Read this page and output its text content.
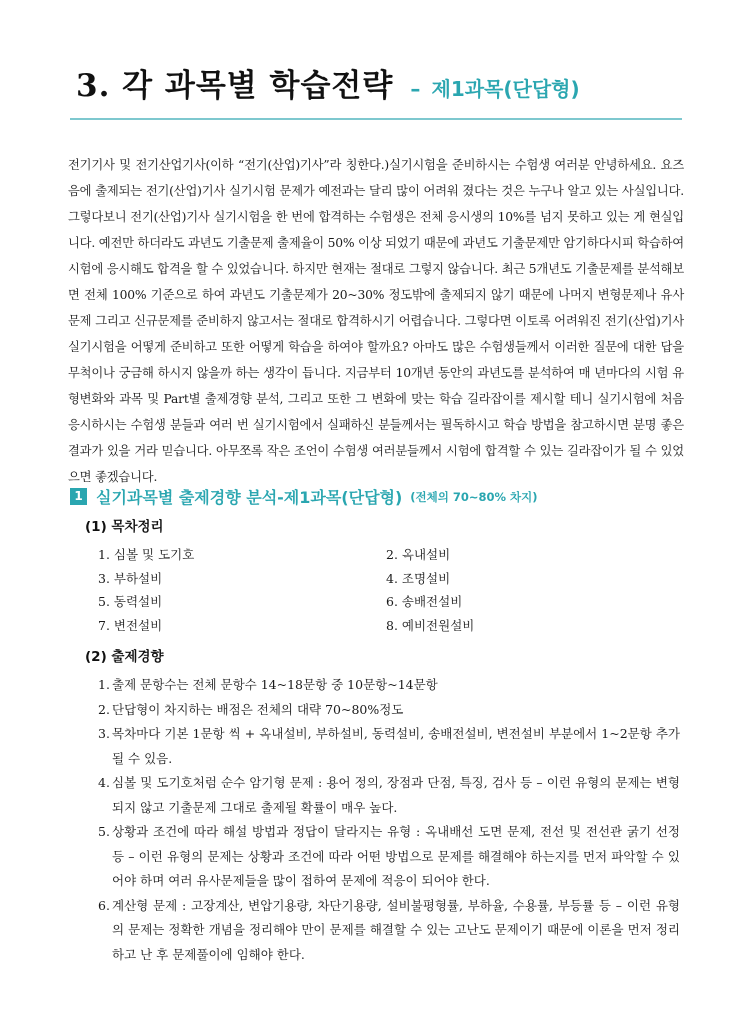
3. 각 과목별 학습전략 – 제1과목(단답형)

전기기사 및 전기산업기사(이하 “전기(산업)기사”라 칭한다.)실기시험을 준비하시는 수험생 여러분 안녕하세요. 요즈음에 출제되는 전기(산업)기사 실기시험 문제가 예전과는 달리 많이 어려워 졌다는 것은 누구나 알고 있는 사실입니다. 그렇다보니 전기(산업)기사 실기시험을 한 번에 합격하는 수험생은 전체 응시생의 10%를 넘지 못하고 있는 게 현실입니다. 예전만 하더라도 과년도 기출문제 출제율이 50% 이상 되었기 때문에 과년도 기출문제만 암기하다시피 학습하여 시험에 응시해도 합격을 할 수 있었습니다. 하지만 현재는 절대로 그렇지 않습니다. 최근 5개년도 기출문제를 분석해보면 전체 100% 기준으로 하여 과년도 기출문제가 20~30% 정도밖에 출제되지 않기 때문에 나머지 변형문제나 유사문제 그리고 신규문제를 준비하지 않고서는 절대로 합격하시기 어렵습니다. 그렇다면 이토록 어려워진 전기(산업)기사 실기시험을 어떻게 준비하고 또한 어떻게 학습을 하여야 할까요? 아마도 많은 수험생들께서 이러한 질문에 대한 답을 무척이나 궁금해 하시지 않을까 하는 생각이 듭니다. 지금부터 10개년 동안의 과년도를 분석하여 매 년마다의 시험 유형변화와 과목 및 Part별 출제경향 분석, 그리고 또한 그 변화에 맞는 학습 길라잡이를 제시할 테니 실기시험에 처음 응시하시는 수험생 분들과 여러 번 실기시험에서 실패하신 분들께서는 필독하시고 학습 방법을 참고하시면 분명 좋은 결과가 있을 거라 믿습니다. 아무쪼록 작은 조언이 수험생 여러분들께서 시험에 합격할 수 있는 길라잡이가 될 수 있었으면 좋겠습니다.

1 실기과목별 출제경향 분석-제1과목(단답형) (전체의 70~80% 차지)
(1) 목차정리
1. 심볼 및 도기호	2. 옥내설비
3. 부하설비	4. 조명설비
5. 동력설비	6. 송배전설비
7. 변전설비	8. 예비전원설비
(2) 출제경향
1. 출제 문항수는 전체 문항수 14~18문항 중 10문항~14문항
2. 단답형이 차지하는 배점은 전체의 대략 70~80%정도
3. 목차마다 기본 1문항 씩 + 옥내설비, 부하설비, 동력설비, 송배전설비, 변전설비 부분에서 1~2문항 추가될 수 있음.
4. 심볼 및 도기호처럼 순수 암기형 문제 : 용어 정의, 장점과 단점, 특징, 검사 등 – 이런 유형의 문제는 변형되지 않고 기출문제 그대로 출제될 확률이 매우 높다.
5. 상황과 조건에 따라 해설 방법과 정답이 달라지는 유형 : 옥내배선 도면 문제, 전선 및 전선관 굵기 선정 등 – 이런 유형의 문제는 상황과 조건에 따라 어떤 방법으로 문제를 해결해야 하는지를 먼저 파악할 수 있어야 하며 여러 유사문제들을 많이 접하여 문제에 적응이 되어야 한다.
6. 계산형 문제 : 고장계산, 변압기용량, 차단기용량, 설비불평형률, 부하율, 수용률, 부등률 등 – 이런 유형의 문제는 정확한 개념을 정리해야 만이 문제를 해결할 수 있는 고난도 문제이기 때문에 이론을 먼저 정리하고 난 후 문제풀이에 임해야 한다.
